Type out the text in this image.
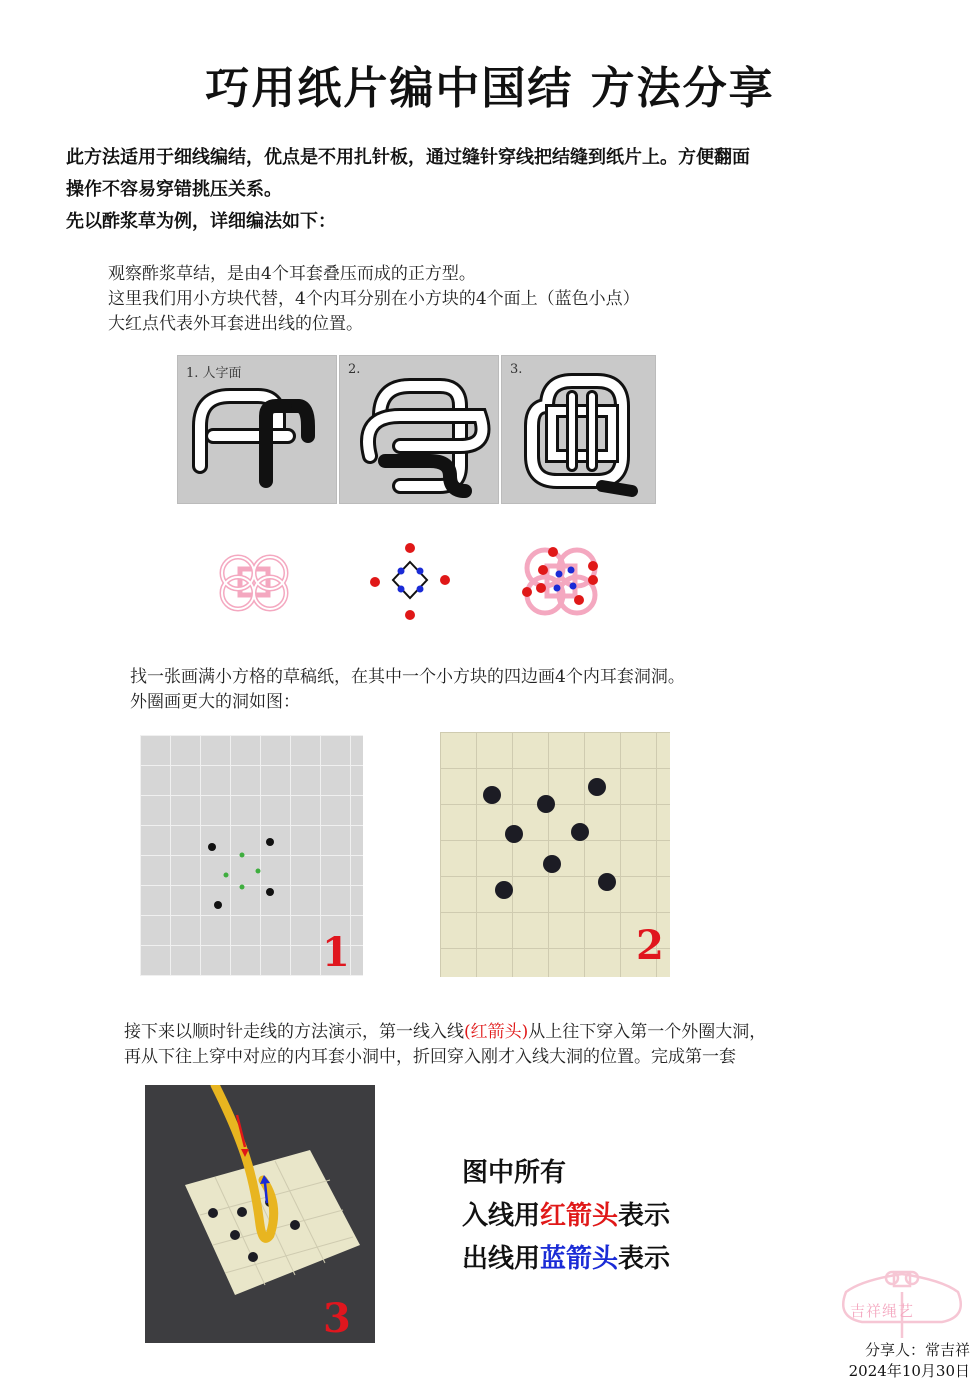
巧用纸片编中国结 方法分享
此方法适用于细线编结，优点是不用扎针板，通过缝针穿线把结缝到纸片上。方便翻面
操作不容易穿错挑压关系。
先以酢浆草为例，详细编法如下：
观察酢浆草结，是由4个耳套叠压而成的正方型。
这里我们用小方块代替，4个内耳分别在小方块的4个面上（蓝色小点）
大红点代表外耳套进出线的位置。
1. 人字面	2.	3.
找一张画满小方格的草稿纸，在其中一个小方块的四边画4个内耳套洞洞。
外圈画更大的洞如图：
1	2
接下来以顺时针走线的方法演示，第一线入线(红箭头)从上往下穿入第一个外圈大洞，
再从下往上穿中对应的内耳套小洞中，折回穿入刚才入线大洞的位置。完成第一套
3
图中所有
入线用红箭头表示
出线用蓝箭头表示
吉祥绳艺
分享人：常吉祥
2024年10月30日
